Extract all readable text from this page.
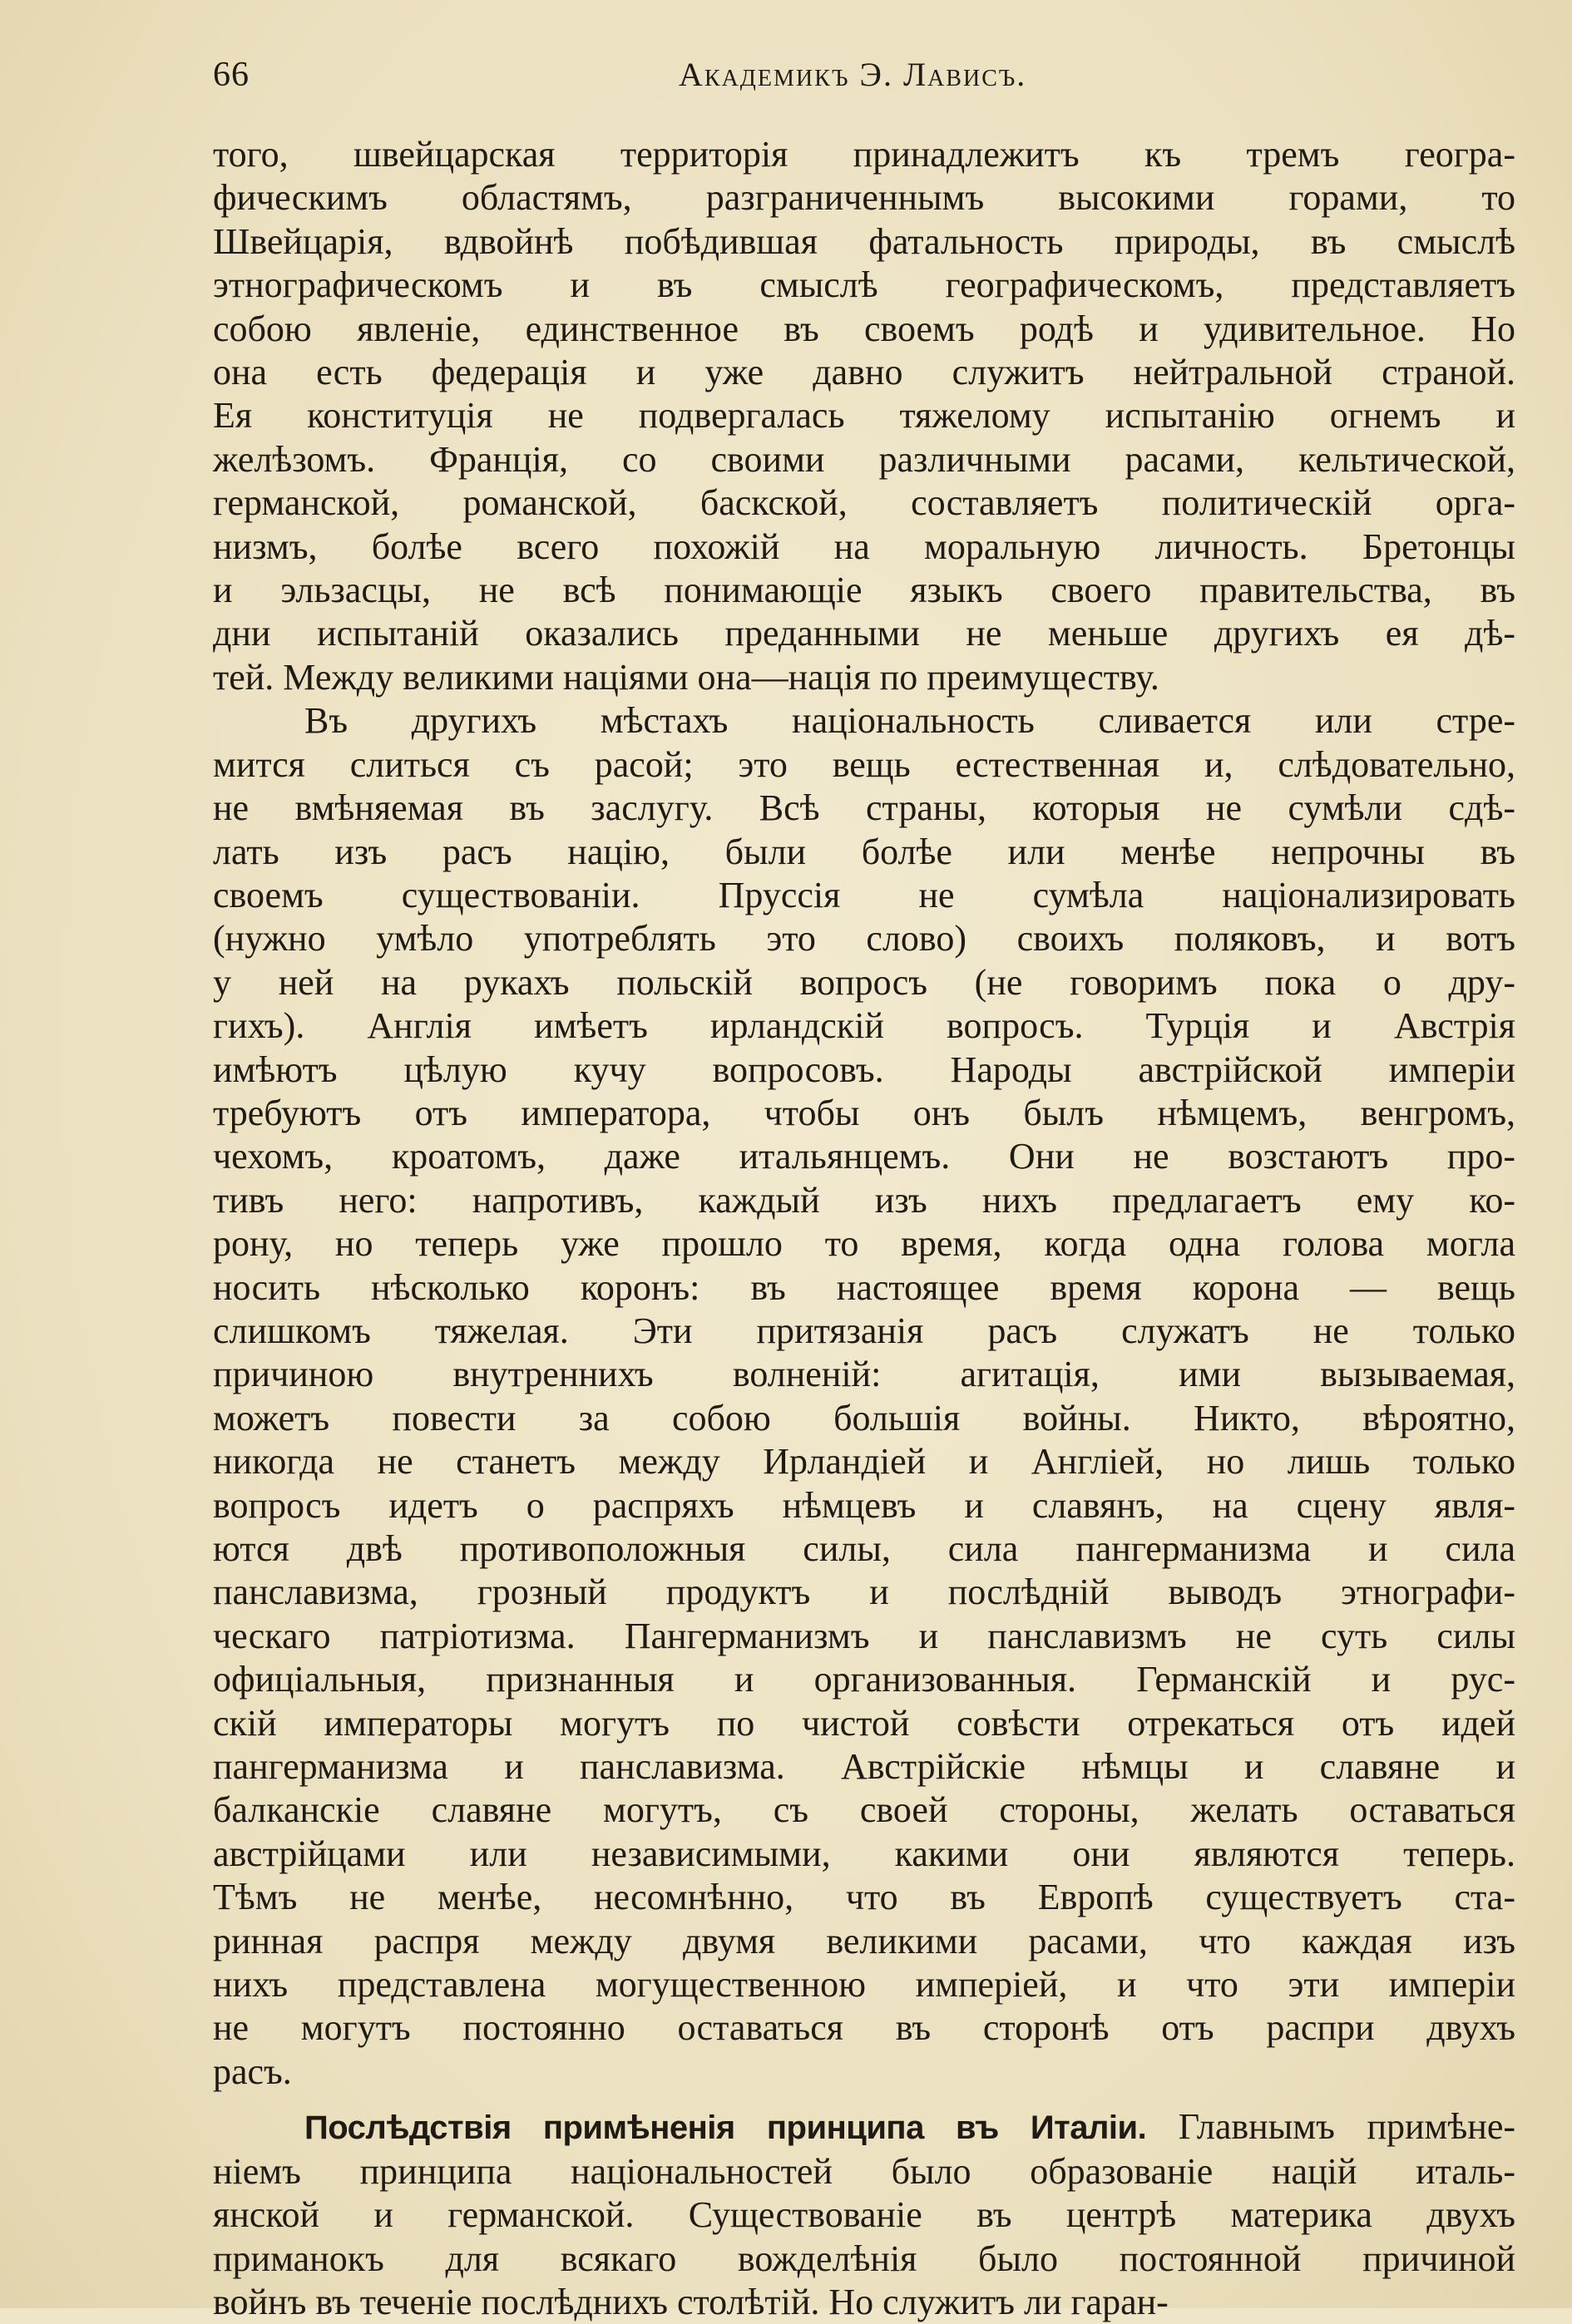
66	Академикъ Э. Лависъ.

того, швейцарская территорія принадлежитъ къ тремъ геогра-

фическимъ областямъ, разграниченнымъ высокими горами, то

Швейцарія, вдвойнѣ побѣдившая фатальность природы, въ смыслѣ

этнографическомъ и въ смыслѣ географическомъ, представляетъ

собою явленіе, единственное въ своемъ родѣ и удивительное. Но

она есть федерація и уже давно служитъ нейтральной страной.

Ея конституція не подвергалась тяжелому испытанію огнемъ и

желѣзомъ. Франція, со своими различными расами, кельтической,

германской, романской, баскской, составляетъ политическій орга-

низмъ, болѣе всего похожій на моральную личность. Бретонцы

и эльзасцы, не всѣ понимающіе языкъ своего правительства, въ

дни испытаній оказались преданными не меньше другихъ ея дѣ-

тей. Между великими націями она—нація по преимуществу.

Въ другихъ мѣстахъ національность сливается или стре-

мится слиться съ расой; это вещь естественная и, слѣдовательно,

не вмѣняемая въ заслугу. Всѣ страны, которыя не сумѣли сдѣ-

лать изъ расъ націю, были болѣе или менѣе непрочны въ

своемъ существованіи. Пруссія не сумѣла націонализировать

(нужно умѣло употреблять это слово) своихъ поляковъ, и вотъ

у ней на рукахъ польскій вопросъ (не говоримъ пока о дру-

гихъ). Англія имѣетъ ирландскій вопросъ. Турція и Австрія

имѣютъ цѣлую кучу вопросовъ. Народы австрійской имперіи

требуютъ отъ императора, чтобы онъ былъ нѣмцемъ, венгромъ,

чехомъ, кроатомъ, даже итальянцемъ. Они не возстаютъ про-

тивъ него: напротивъ, каждый изъ нихъ предлагаетъ ему ко-

рону, но теперь уже прошло то время, когда одна голова могла

носить нѣсколько коронъ: въ настоящее время корона — вещь

слишкомъ тяжелая. Эти притязанія расъ служатъ не только

причиною внутреннихъ волненій: агитація, ими вызываемая,

можетъ повести за собою большія войны. Никто, вѣроятно,

никогда не станетъ между Ирландіей и Англіей, но лишь только

вопросъ идетъ о распряхъ нѣмцевъ и славянъ, на сцену явля-

ются двѣ противоположныя силы, сила пангерманизма и сила

панславизма, грозный продуктъ и послѣдній выводъ этнографи-

ческаго патріотизма. Пангерманизмъ и панславизмъ не суть силы

офиціальныя, признанныя и организованныя. Германскій и рус-

скій императоры могутъ по чистой совѣсти отрекаться отъ идей

пангерманизма и панславизма. Австрійскіе нѣмцы и славяне и

балканскіе славяне могутъ, съ своей стороны, желать оставаться

австрійцами или независимыми, какими они являются теперь.

Тѣмъ не менѣе, несомнѣнно, что въ Европѣ существуетъ ста-

ринная распря между двумя великими расами, что каждая изъ

нихъ представлена могущественною имперіей, и что эти имперіи

не могутъ постоянно оставаться въ сторонѣ отъ распри двухъ

расъ.

Послѣдствія примѣненія принципа въ Италіи. Главнымъ примѣне-

ніемъ принципа національностей было образованіе націй италь-

янской и германской. Существованіе въ центрѣ материка двухъ

приманокъ для всякаго вожделѣнія было постоянной причиной

войнъ въ теченіе послѣднихъ столѣтій. Но служитъ ли гаран-
